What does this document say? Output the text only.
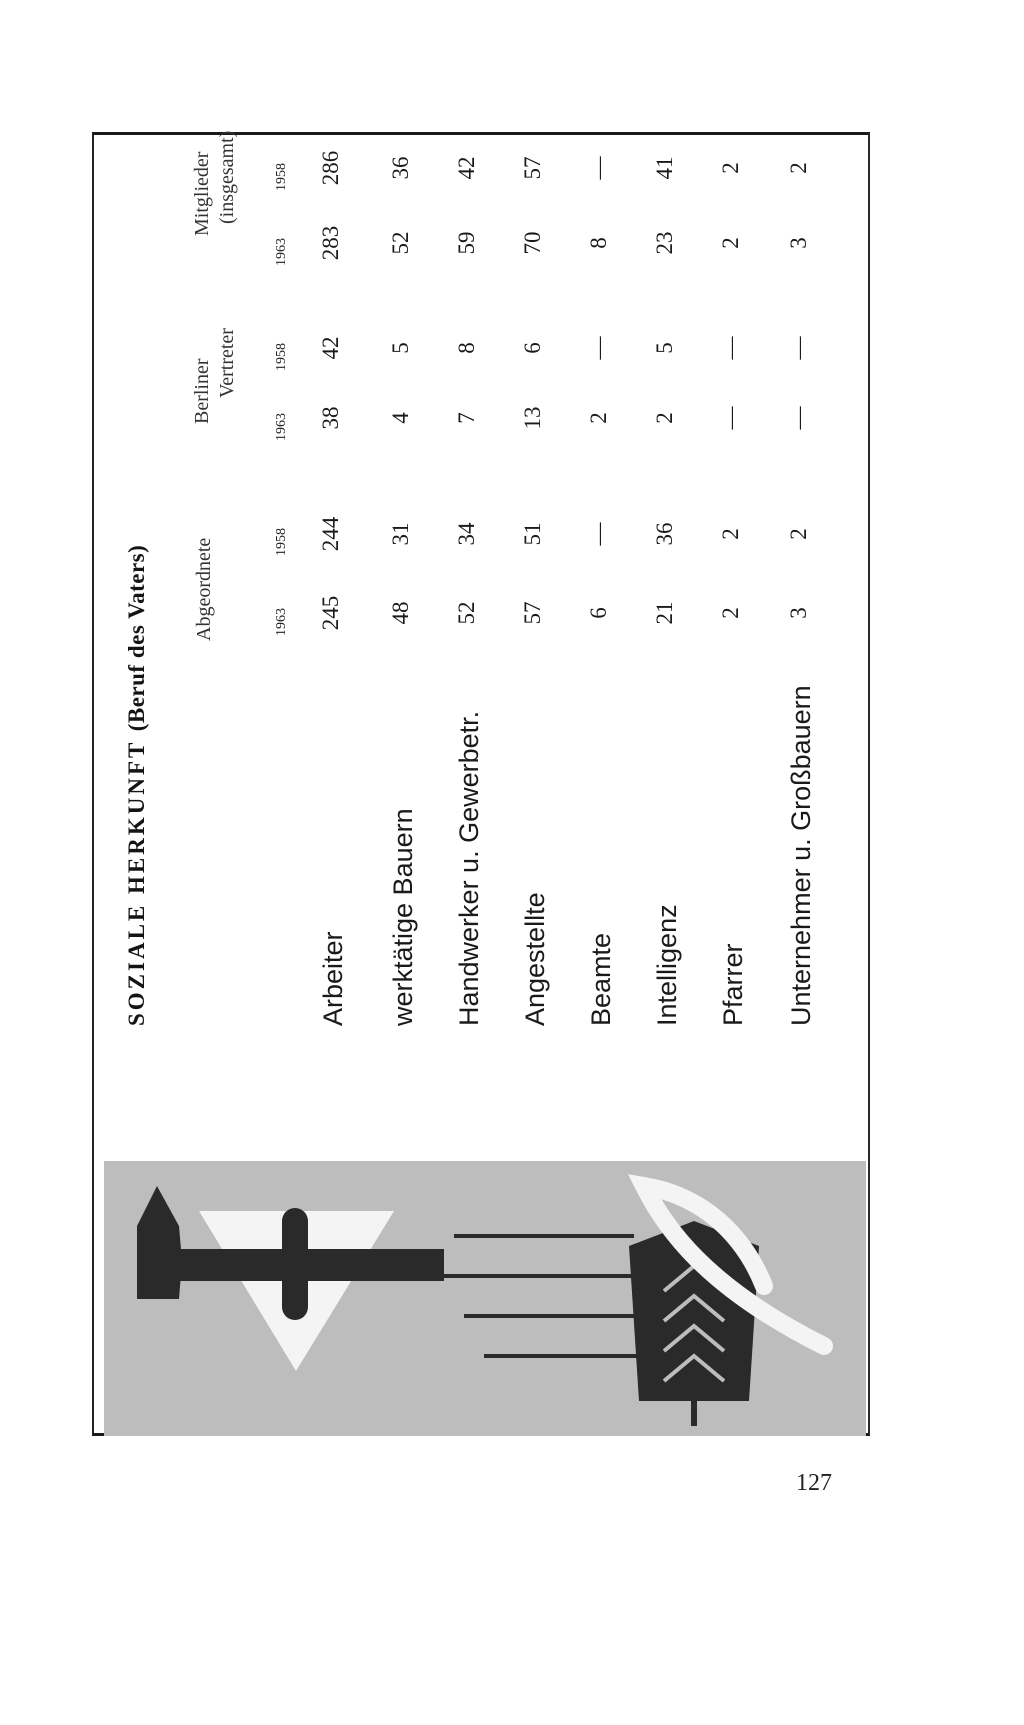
SOZIALE HERKUNFT (Beruf des Vaters) Abgeordnete
Berliner Vertreter
Mitglieder (insgesamt)
1963
1958
1963
1958
1963
1958
Arbeiter
245
244
38
42
283
286
werktätige Bauern
48
31
4
5
52
36
Handwerker u. Gewerbetr.
52
34
7
8
59
42
Angestellte
57
51
13
6
70
57
Beamte
6
—
2
—
8
—
Intelligenz
21
36
2
5
23
41
Pfarrer
2
2
—
—
2
2
Unternehmer u. Großbauern
3
2
—
—
3
2
127
